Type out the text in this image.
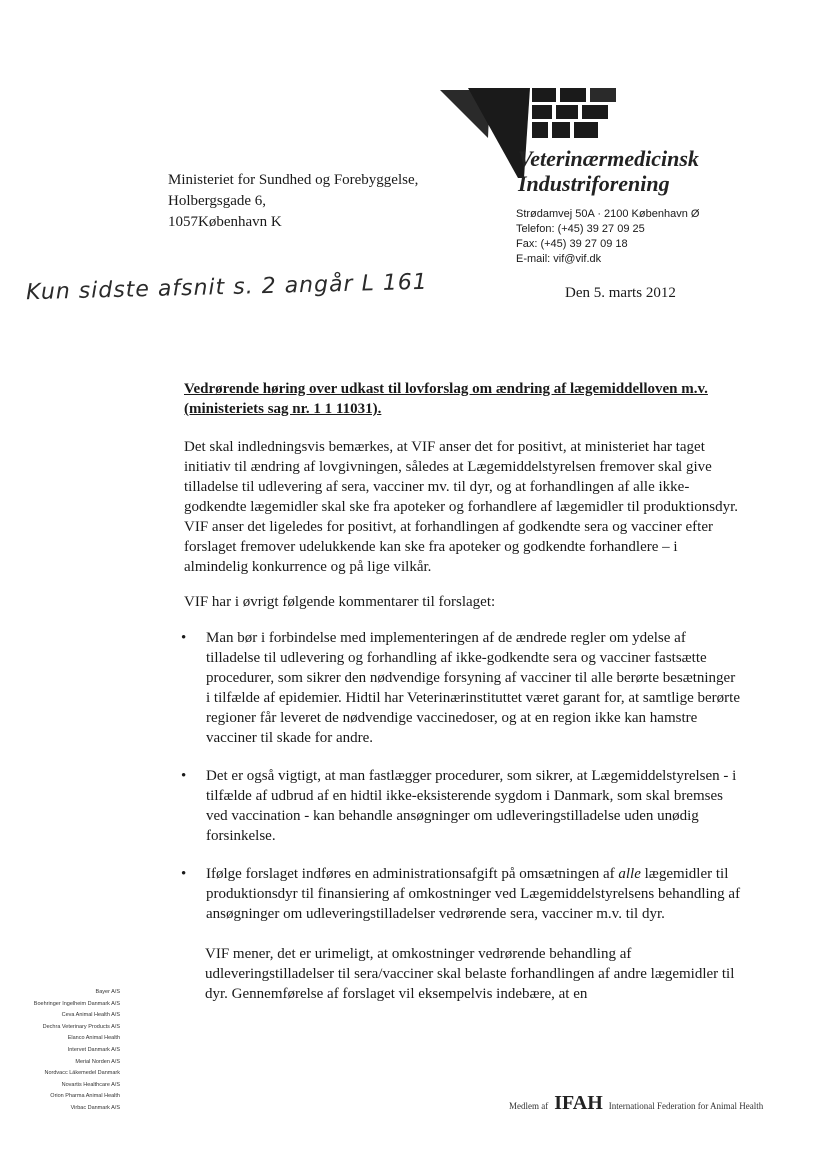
Ministeriet for Sundhed og Forebyggelse,
Holbergsgade 6,
1057København K
Veterinærmedicinsk
Industriforening
Strødamvej 50A · 2100 København Ø
Telefon: (+45) 39 27 09 25
Fax: (+45) 39 27 09 18
E-mail: vif@vif.dk
Kun sidste afsnit s. 2 angår L 161	Den 5. marts 2012
Vedrørende høring over udkast til lovforslag om ændring af lægemiddelloven m.v.
(ministeriets sag nr. 1 1 11031).
Det skal indledningsvis bemærkes, at VIF anser det for positivt, at ministeriet har taget initiativ til ændring af lovgivningen, således at Lægemiddelstyrelsen fremover skal give tilladelse til udlevering af sera, vacciner mv. til dyr, og at forhandlingen af alle ikke-godkendte lægemidler skal ske fra apoteker og forhandlere af lægemidler til produktionsdyr. VIF anser det ligeledes for positivt, at forhandlingen af godkendte sera og vacciner efter forslaget fremover udelukkende kan ske fra apoteker og godkendte forhandlere – i almindelig konkurrence og på lige vilkår.
VIF har i øvrigt følgende kommentarer til forslaget:
• Man bør i forbindelse med implementeringen af de ændrede regler om ydelse af tilladelse til udlevering og forhandling af ikke-godkendte sera og vacciner fastsætte procedurer, som sikrer den nødvendige forsyning af vacciner til alle berørte besætninger i tilfælde af epidemier. Hidtil har Veterinærinstituttet været garant for, at samtlige berørte regioner får leveret de nødvendige vaccinedoser, og at en region ikke kan hamstre vacciner til skade for andre.
• Det er også vigtigt, at man fastlægger procedurer, som sikrer, at Lægemiddelstyrelsen - i tilfælde af udbrud af en hidtil ikke-eksisterende sygdom i Danmark, som skal bremses ved vaccination - kan behandle ansøgninger om udleveringstilladelse uden unødig forsinkelse.
• Ifølge forslaget indføres en administrationsafgift på omsætningen af alle lægemidler til produktionsdyr til finansiering af omkostninger ved Lægemiddelstyrelsens behandling af ansøgninger om udleveringstilladelser vedrørende sera, vacciner m.v. til dyr.
VIF mener, det er urimeligt, at omkostninger vedrørende behandling af udleveringstilladelser til sera/vacciner skal belaste forhandlingen af andre lægemidler til dyr. Gennemførelse af forslaget vil eksempelvis indebære, at en
Bayer A/S
Boehringer Ingelheim Danmark A/S
Ceva Animal Health A/S
Dechra Veterinary Products A/S
Elanco Animal Health
Intervet Danmark A/S
Merial Norden A/S
Nordvacc Läkemedel Danmark
Novartis Healthcare A/S
Orion Pharma Animal Health
Virbac Danmark A/S	Medlem af IFAH International Federation for Animal Health
